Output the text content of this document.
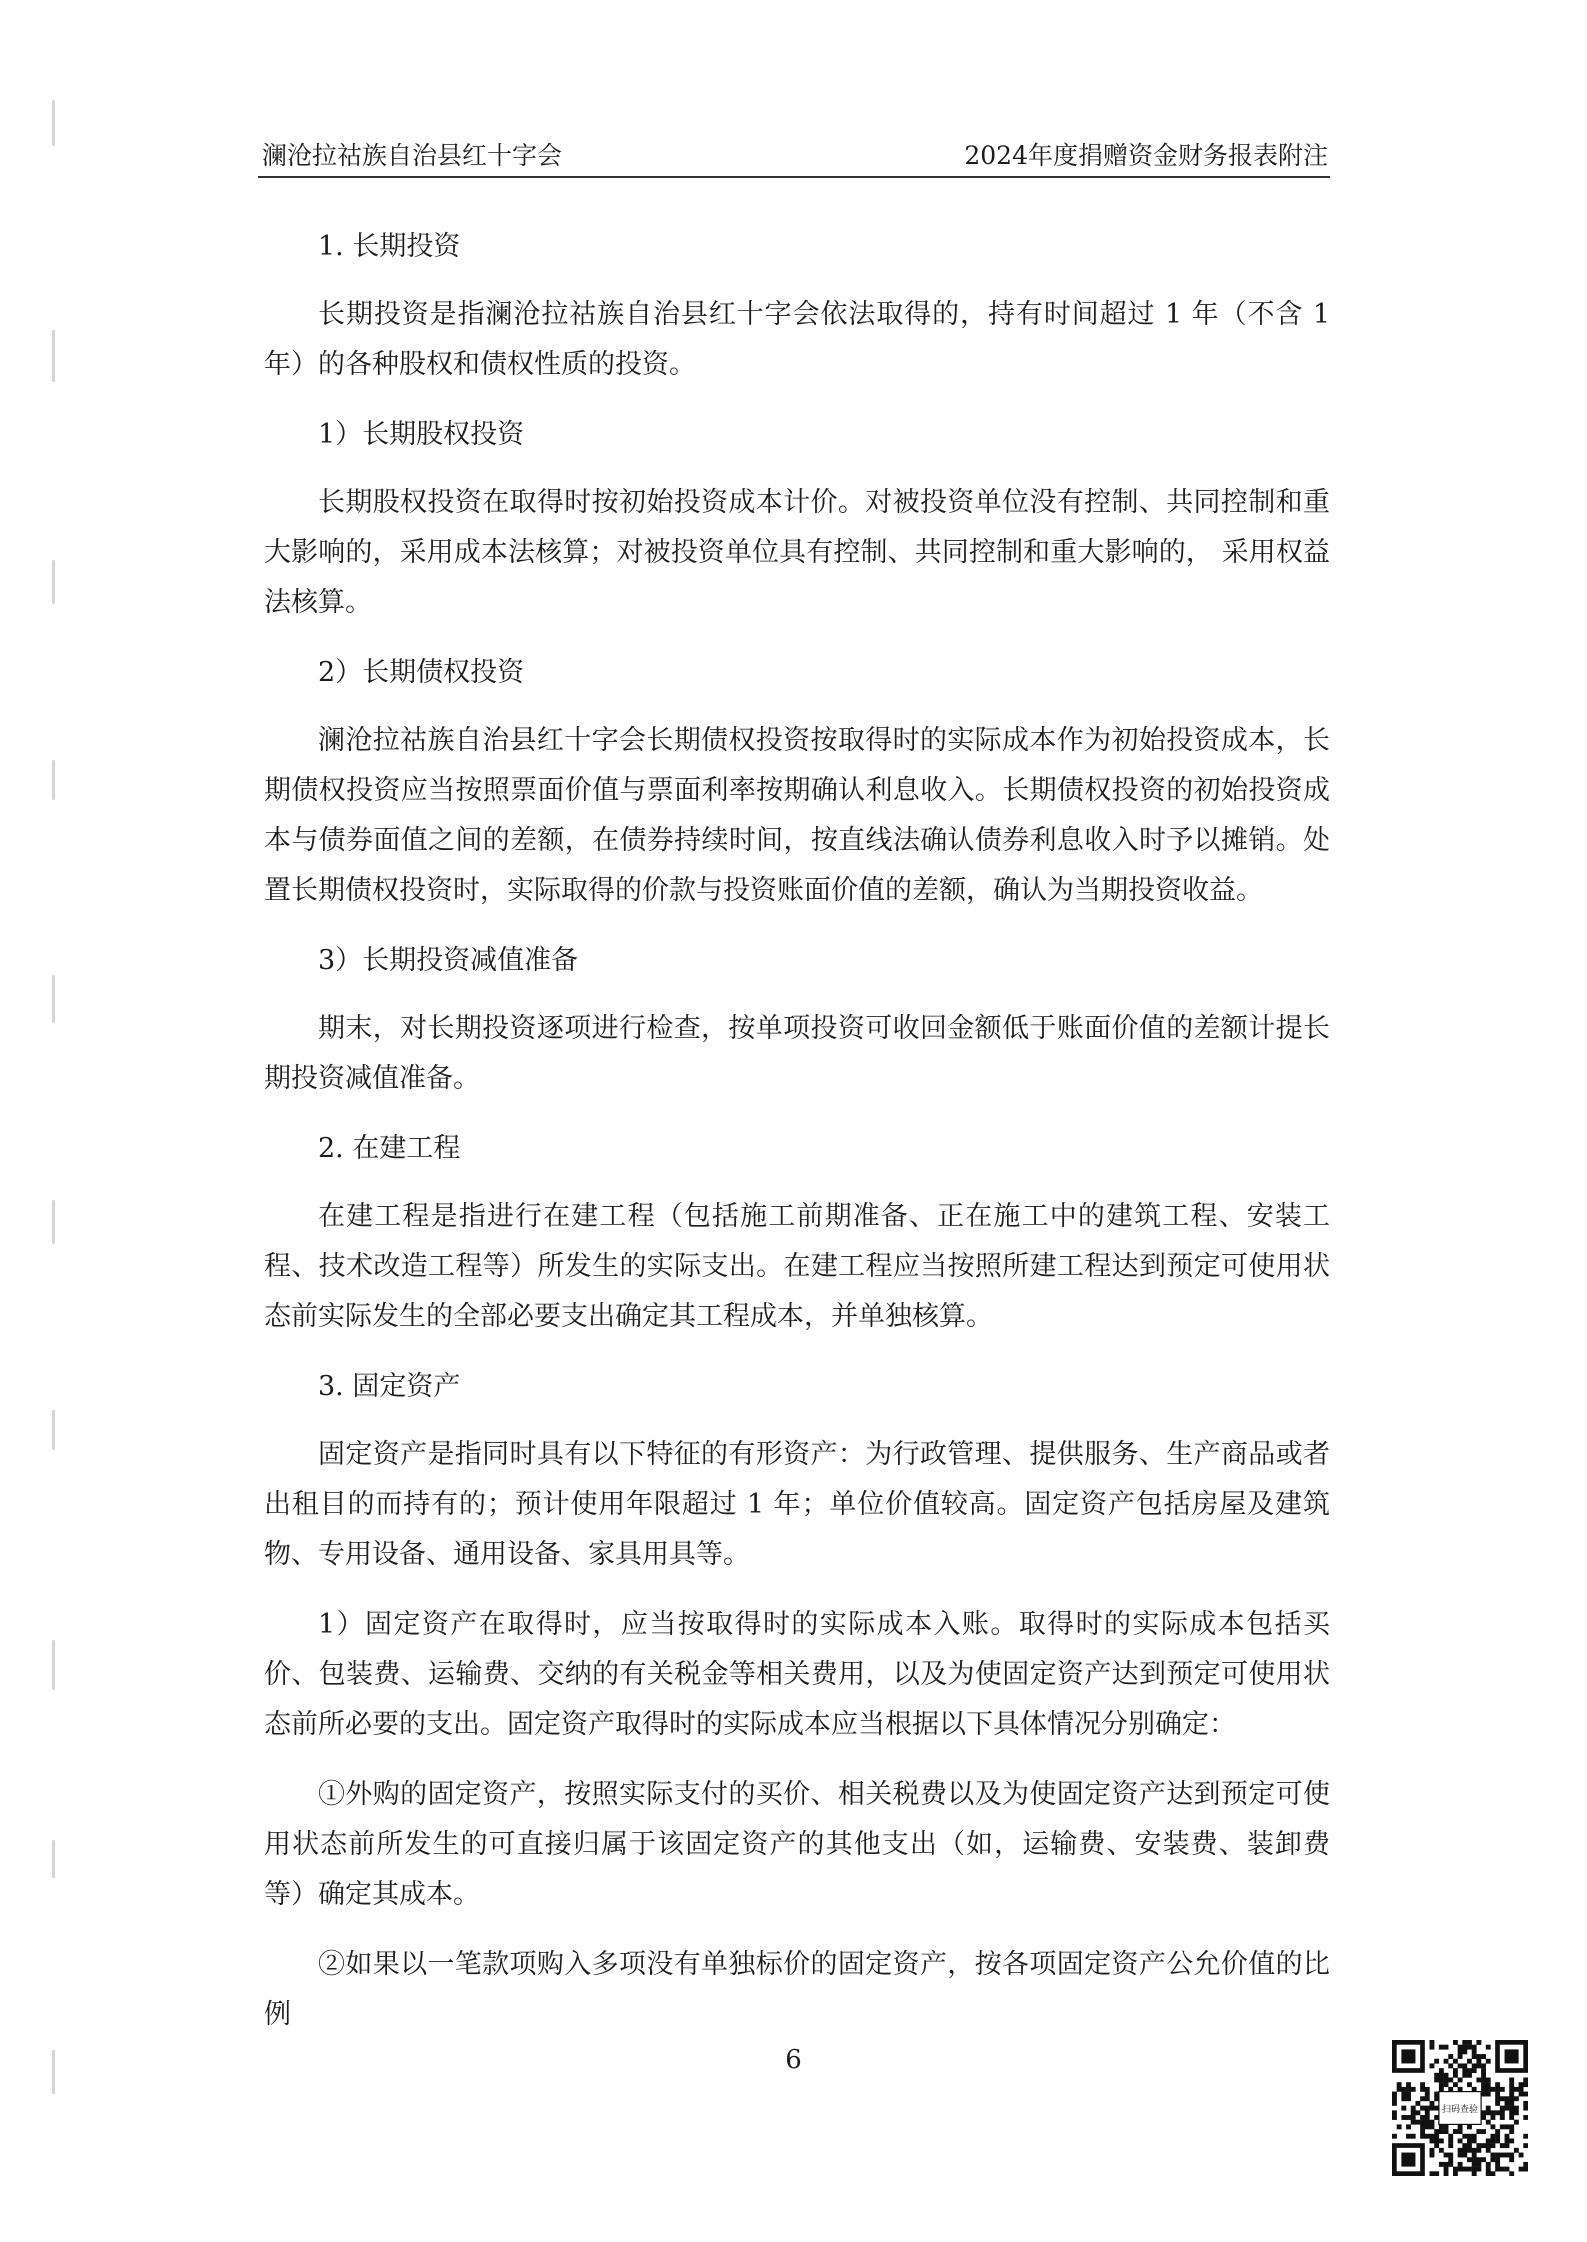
澜沧拉祜族自治县红十字会	2024年度捐赠资金财务报表附注

1. 长期投资

长期投资是指澜沧拉祜族自治县红十字会依法取得的，持有时间超过 1 年（不含 1 年）的各种股权和债权性质的投资。

1）长期股权投资

长期股权投资在取得时按初始投资成本计价。对被投资单位没有控制、共同控制和重大影响的，采用成本法核算；对被投资单位具有控制、共同控制和重大影响的， 采用权益法核算。

2）长期债权投资

澜沧拉祜族自治县红十字会长期债权投资按取得时的实际成本作为初始投资成本，长期债权投资应当按照票面价值与票面利率按期确认利息收入。长期债权投资的初始投资成本与债券面值之间的差额，在债券持续时间，按直线法确认债券利息收入时予以摊销。处置长期债权投资时，实际取得的价款与投资账面价值的差额，确认为当期投资收益。

3）长期投资减值准备

期末，对长期投资逐项进行检查，按单项投资可收回金额低于账面价值的差额计提长期投资减值准备。

2. 在建工程

在建工程是指进行在建工程（包括施工前期准备、正在施工中的建筑工程、安装工程、技术改造工程等）所发生的实际支出。在建工程应当按照所建工程达到预定可使用状态前实际发生的全部必要支出确定其工程成本，并单独核算。

3. 固定资产

固定资产是指同时具有以下特征的有形资产：为行政管理、提供服务、生产商品或者出租目的而持有的；预计使用年限超过 1 年；单位价值较高。固定资产包括房屋及建筑物、专用设备、通用设备、家具用具等。

1）固定资产在取得时，应当按取得时的实际成本入账。取得时的实际成本包括买价、包装费、运输费、交纳的有关税金等相关费用，以及为使固定资产达到预定可使用状态前所必要的支出。固定资产取得时的实际成本应当根据以下具体情况分别确定：

①外购的固定资产，按照实际支付的买价、相关税费以及为使固定资产达到预定可使用状态前所发生的可直接归属于该固定资产的其他支出（如，运输费、安装费、装卸费等）确定其成本。

②如果以一笔款项购入多项没有单独标价的固定资产，按各项固定资产公允价值的比例

6
扫码查验
